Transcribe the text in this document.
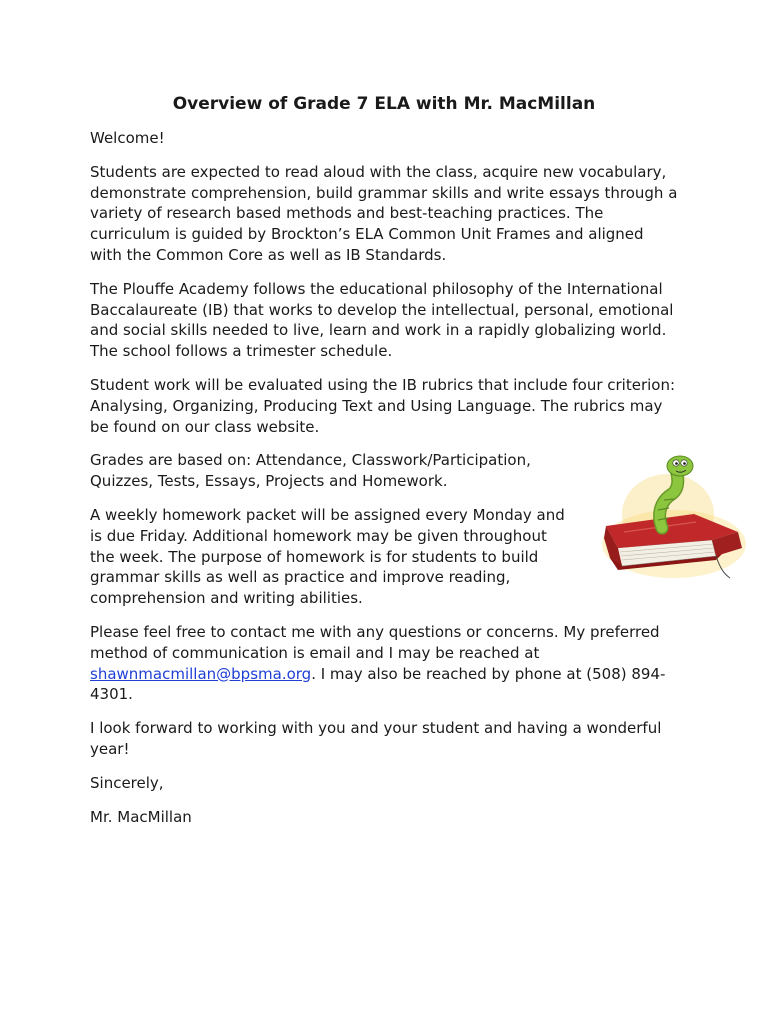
Overview of Grade 7 ELA with Mr. MacMillan

Welcome!

Students are expected to read aloud with the class, acquire new vocabulary, demonstrate comprehension, build grammar skills and write essays through a variety of research based methods and best-teaching practices. The curriculum is guided by Brockton’s ELA Common Unit Frames and aligned with the Common Core as well as IB Standards.

The Plouffe Academy follows the educational philosophy of the International Baccalaureate (IB) that works to develop the intellectual, personal, emotional and social skills needed to live, learn and work in a rapidly globalizing world. The school follows a trimester schedule.

Student work will be evaluated using the IB rubrics that include four criterion: Analysing, Organizing, Producing Text and Using Language. The rubrics may be found on our class website.

Grades are based on: Attendance, Classwork/Participation, Quizzes, Tests, Essays, Projects and Homework.

A weekly homework packet will be assigned every Monday and is due Friday. Additional homework may be given throughout the week. The purpose of homework is for students to build grammar skills as well as practice and improve reading, comprehension and writing abilities.

Please feel free to contact me with any questions or concerns. My preferred method of communication is email and I may be reached at shawnmacmillan@bpsma.org. I may also be reached by phone at (508) 894-4301.

I look forward to working with you and your student and having a wonderful year!

Sincerely,

Mr. MacMillan
